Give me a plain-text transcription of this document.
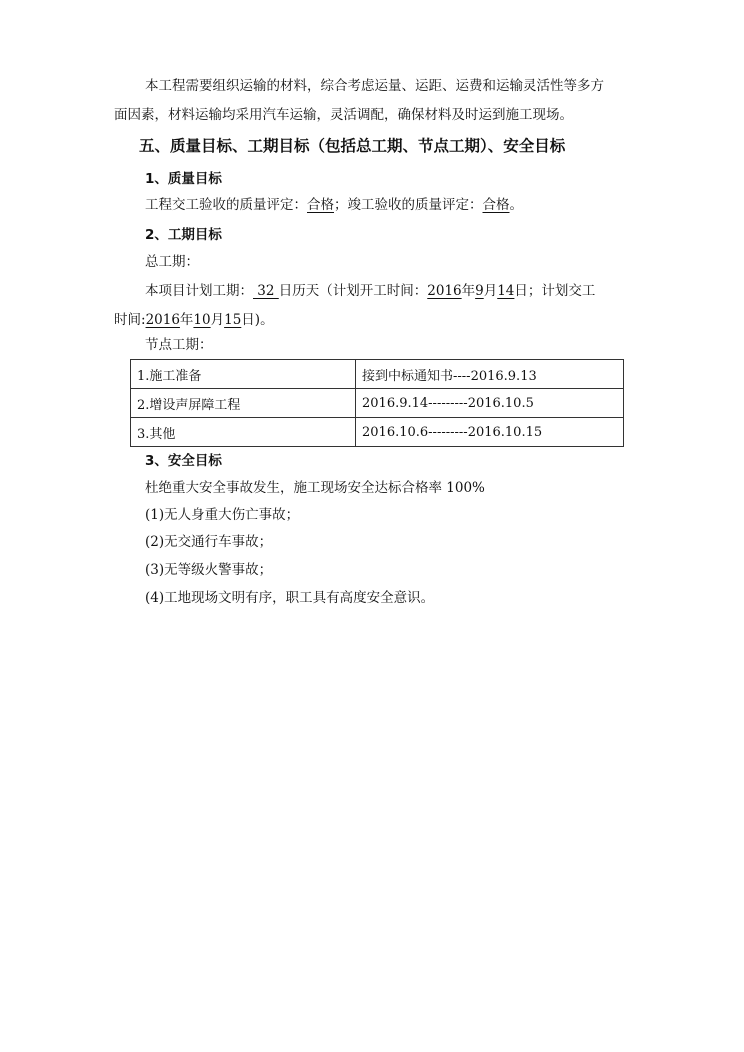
本工程需要组织运输的材料，综合考虑运量、运距、运费和运输灵活性等多方
面因素，材料运输均采用汽车运输，灵活调配，确保材料及时运到施工现场。
五、质量目标、工期目标（包括总工期、节点工期）、安全目标
1、质量目标
工程交工验收的质量评定：合格；竣工验收的质量评定：合格。
2、工期目标
总工期：
本项目计划工期： 32 日历天（计划开工时间：2016年9月14日；计划交工
时间:2016年10月15日)。
节点工期：
1.施工准备	接到中标通知书----2016.9.13
2.增设声屏障工程	2016.9.14---------2016.10.5
3.其他	2016.10.6---------2016.10.15
3、安全目标
杜绝重大安全事故发生，施工现场安全达标合格率 100%
(1)无人身重大伤亡事故；
(2)无交通行车事故；
(3)无等级火警事故；
(4)工地现场文明有序，职工具有高度安全意识。
